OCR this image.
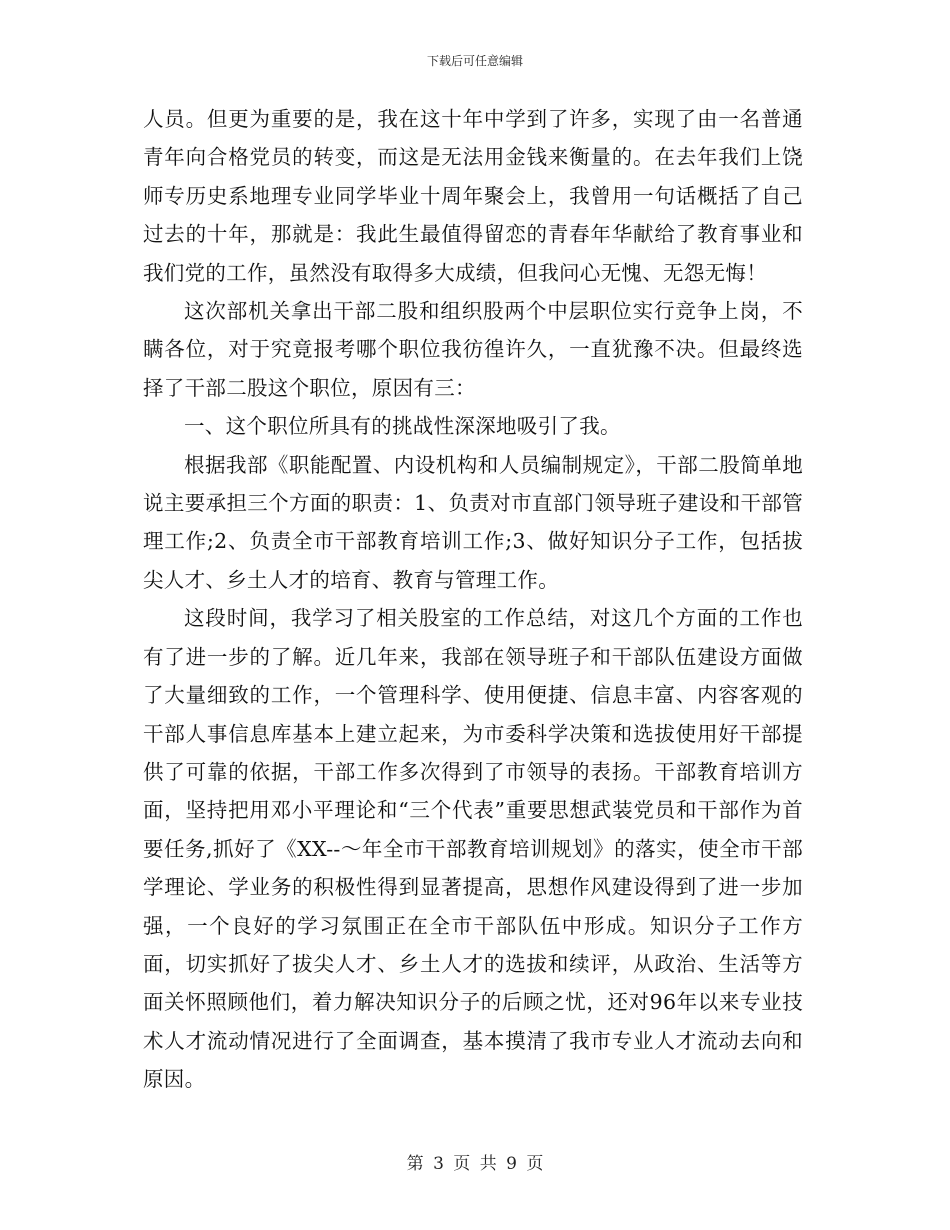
下载后可任意编辑

人员。但更为重要的是，我在这十年中学到了许多，实现了由一名普通青年向合格党员的转变，而这是无法用金钱来衡量的。在去年我们上饶师专历史系地理专业同学毕业十周年聚会上，我曾用一句话概括了自己过去的十年，那就是：我此生最值得留恋的青春年华献给了教育事业和我们党的工作，虽然没有取得多大成绩，但我问心无愧、无怨无悔！

这次部机关拿出干部二股和组织股两个中层职位实行竞争上岗，不瞒各位，对于究竟报考哪个职位我彷徨许久，一直犹豫不决。但最终选择了干部二股这个职位，原因有三：

一、这个职位所具有的挑战性深深地吸引了我。

根据我部《职能配置、内设机构和人员编制规定》，干部二股简单地说主要承担三个方面的职责：1、负责对市直部门领导班子建设和干部管理工作;2、负责全市干部教育培训工作;3、做好知识分子工作，包括拔尖人才、乡土人才的培育、教育与管理工作。

这段时间，我学习了相关股室的工作总结，对这几个方面的工作也有了进一步的了解。近几年来，我部在领导班子和干部队伍建设方面做了大量细致的工作，一个管理科学、使用便捷、信息丰富、内容客观的干部人事信息库基本上建立起来，为市委科学决策和选拔使用好干部提供了可靠的依据，干部工作多次得到了市领导的表扬。干部教育培训方面，坚持把用邓小平理论和“三个代表”重要思想武装党员和干部作为首要任务,抓好了《XX--～年全市干部教育培训规划》的落实，使全市干部学理论、学业务的积极性得到显著提高，思想作风建设得到了进一步加强，一个良好的学习氛围正在全市干部队伍中形成。知识分子工作方面，切实抓好了拔尖人才、乡土人才的选拔和续评，从政治、生活等方面关怀照顾他们，着力解决知识分子的后顾之忧，还对96年以来专业技术人才流动情况进行了全面调查，基本摸清了我市专业人才流动去向和原因。

第 3 页 共 9 页
